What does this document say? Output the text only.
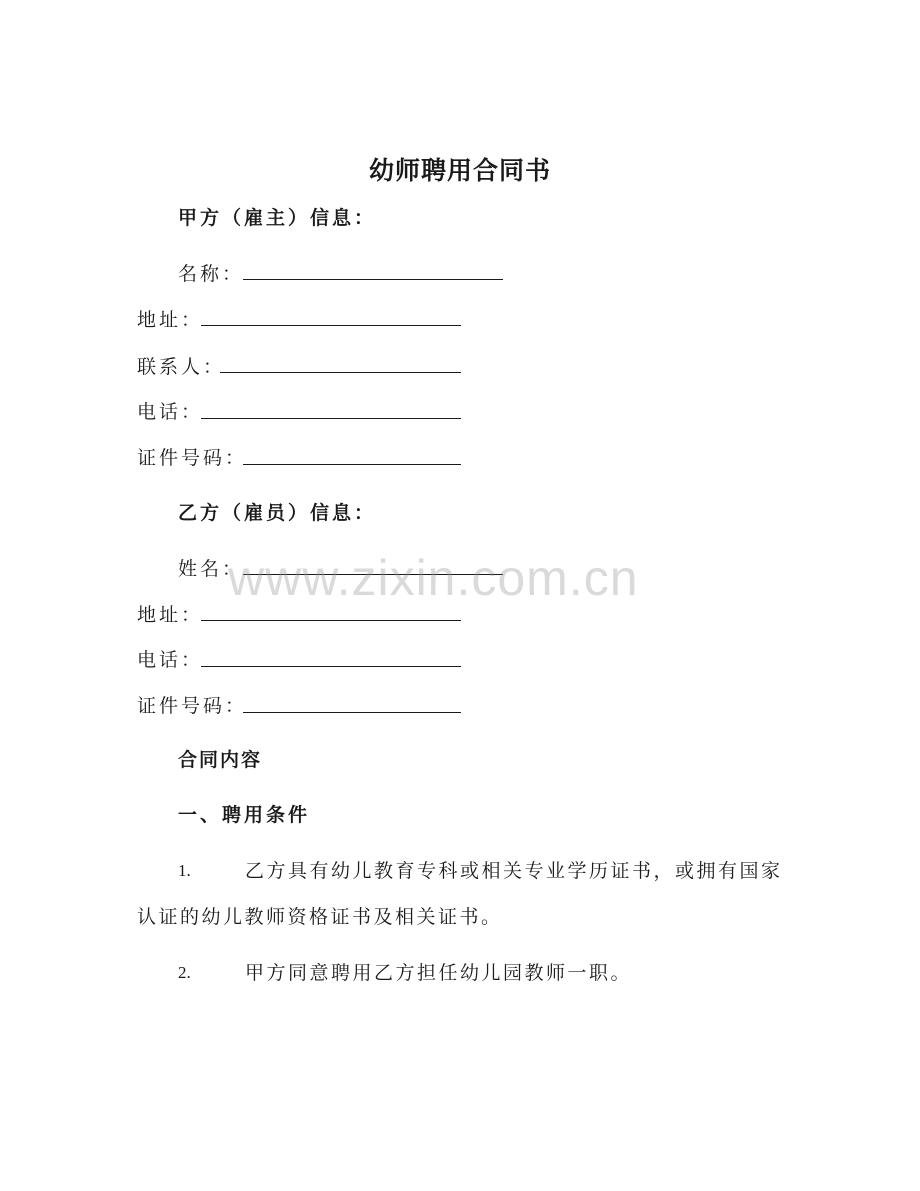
幼师聘用合同书
甲方（雇主）信息：
名称：
地址：
联系人：
电话：
证件号码：
乙方（雇员）信息：
姓名：
地址：
电话：
证件号码：
合同内容
一、聘用条件
1.	乙方具有幼儿教育专科或相关专业学历证书，或拥有国家
认证的幼儿教师资格证书及相关证书。
2.	甲方同意聘用乙方担任幼儿园教师一职。
www.zixin.com.cn
